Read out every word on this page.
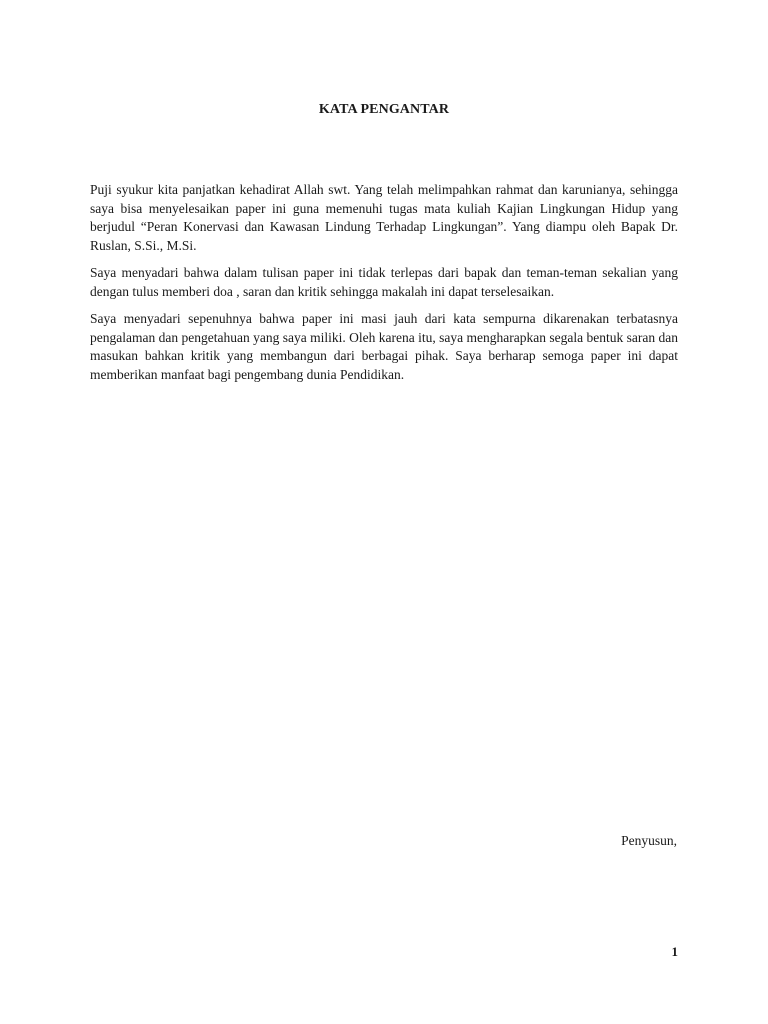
KATA PENGANTAR

Puji syukur kita panjatkan kehadirat Allah swt. Yang telah melimpahkan rahmat dan karunianya, sehingga saya bisa menyelesaikan paper ini guna memenuhi tugas mata kuliah Kajian Lingkungan Hidup yang berjudul “Peran Konervasi dan Kawasan Lindung Terhadap Lingkungan”. Yang diampu oleh Bapak Dr. Ruslan, S.Si., M.Si.

Saya menyadari bahwa dalam tulisan paper ini tidak terlepas dari bapak dan teman-teman sekalian yang dengan tulus memberi doa , saran dan kritik sehingga makalah ini dapat terselesaikan.

Saya menyadari sepenuhnya bahwa paper ini masi jauh dari kata sempurna dikarenakan terbatasnya pengalaman dan pengetahuan yang saya miliki. Oleh karena itu, saya mengharapkan segala bentuk saran dan masukan bahkan kritik yang membangun dari berbagai pihak. Saya berharap semoga paper ini dapat memberikan manfaat bagi pengembang dunia Pendidikan.

Penyusun,
1
